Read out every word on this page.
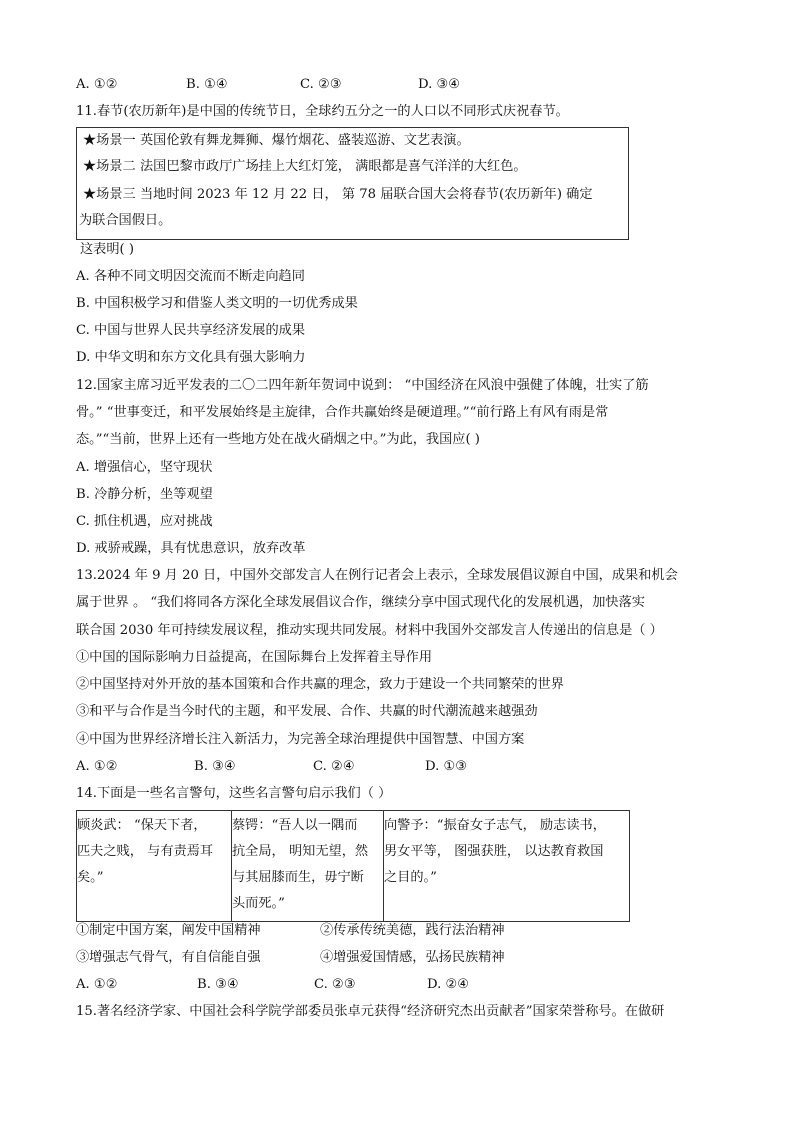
A. ①②	B. ①④	C. ②③	D. ③④
11.春节(农历新年)是中国的传统节日，全球约五分之一的人口以不同形式庆祝春节。
★场景一 英国伦敦有舞龙舞狮、爆竹烟花、盛装巡游、文艺表演。
★场景二 法国巴黎市政厅广场挂上大红灯笼， 满眼都是喜气洋洋的大红色。
★场景三 当地时间 2023 年 12 月 22 日， 第 78 届联合国大会将春节(农历新年) 确定
为联合国假日。
这表明( )
A. 各种不同文明因交流而不断走向趋同
B. 中国积极学习和借鉴人类文明的一切优秀成果
C. 中国与世界人民共享经济发展的成果
D. 中华文明和东方文化具有强大影响力
12.国家主席习近平发表的二〇二四年新年贺词中说到： “中国经济在风浪中强健了体魄，壮实了筋
骨。” “世事变迁，和平发展始终是主旋律，合作共赢始终是硬道理。”“前行路上有风有雨是常
态。”“当前，世界上还有一些地方处在战火硝烟之中。”为此，我国应( )
A. 增强信心，坚守现状
B. 冷静分析，坐等观望
C. 抓住机遇，应对挑战
D. 戒骄戒躁，具有忧患意识，放弃改革
13.2024 年 9 月 20 日，中国外交部发言人在例行记者会上表示，全球发展倡议源自中国，成果和机会
属于世界 。 “我们将同各方深化全球发展倡议合作，继续分享中国式现代化的发展机遇，加快落实
联合国 2030 年可持续发展议程，推动实现共同发展。材料中我国外交部发言人传递出的信息是（ ）
①中国的国际影响力日益提高，在国际舞台上发挥着主导作用
②中国坚持对外开放的基本国策和合作共赢的理念，致力于建设一个共同繁荣的世界
③和平与合作是当今时代的主题，和平发展、合作、共赢的时代潮流越来越强劲
④中国为世界经济增长注入新活力，为完善全球治理提供中国智慧、中国方案
A. ①②	B. ③④	C. ②④	D. ①③
14.下面是一些名言警句，这些名言警句启示我们（ ）
顾炎武： “保天下者，
匹夫之贱， 与有责焉耳
矣。”

蔡锷：“吾人以一隅而
抗全局， 明知无望，然
与其屈膝而生，毋宁断
头而死。”

向警予：“振奋女子志气， 励志读书，
男女平等， 图强获胜， 以达教育救国
之目的。”
①制定中国方案，阐发中国精神	②传承传统美德，践行法治精神
③增强志气骨气，有自信能自强	④增强爱国情感，弘扬民族精神
A. ①②	B. ③④	C. ②③	D. ②④
15.著名经济学家、中国社会科学院学部委员张卓元获得“经济研究杰出贡献者”国家荣誉称号。在做研
